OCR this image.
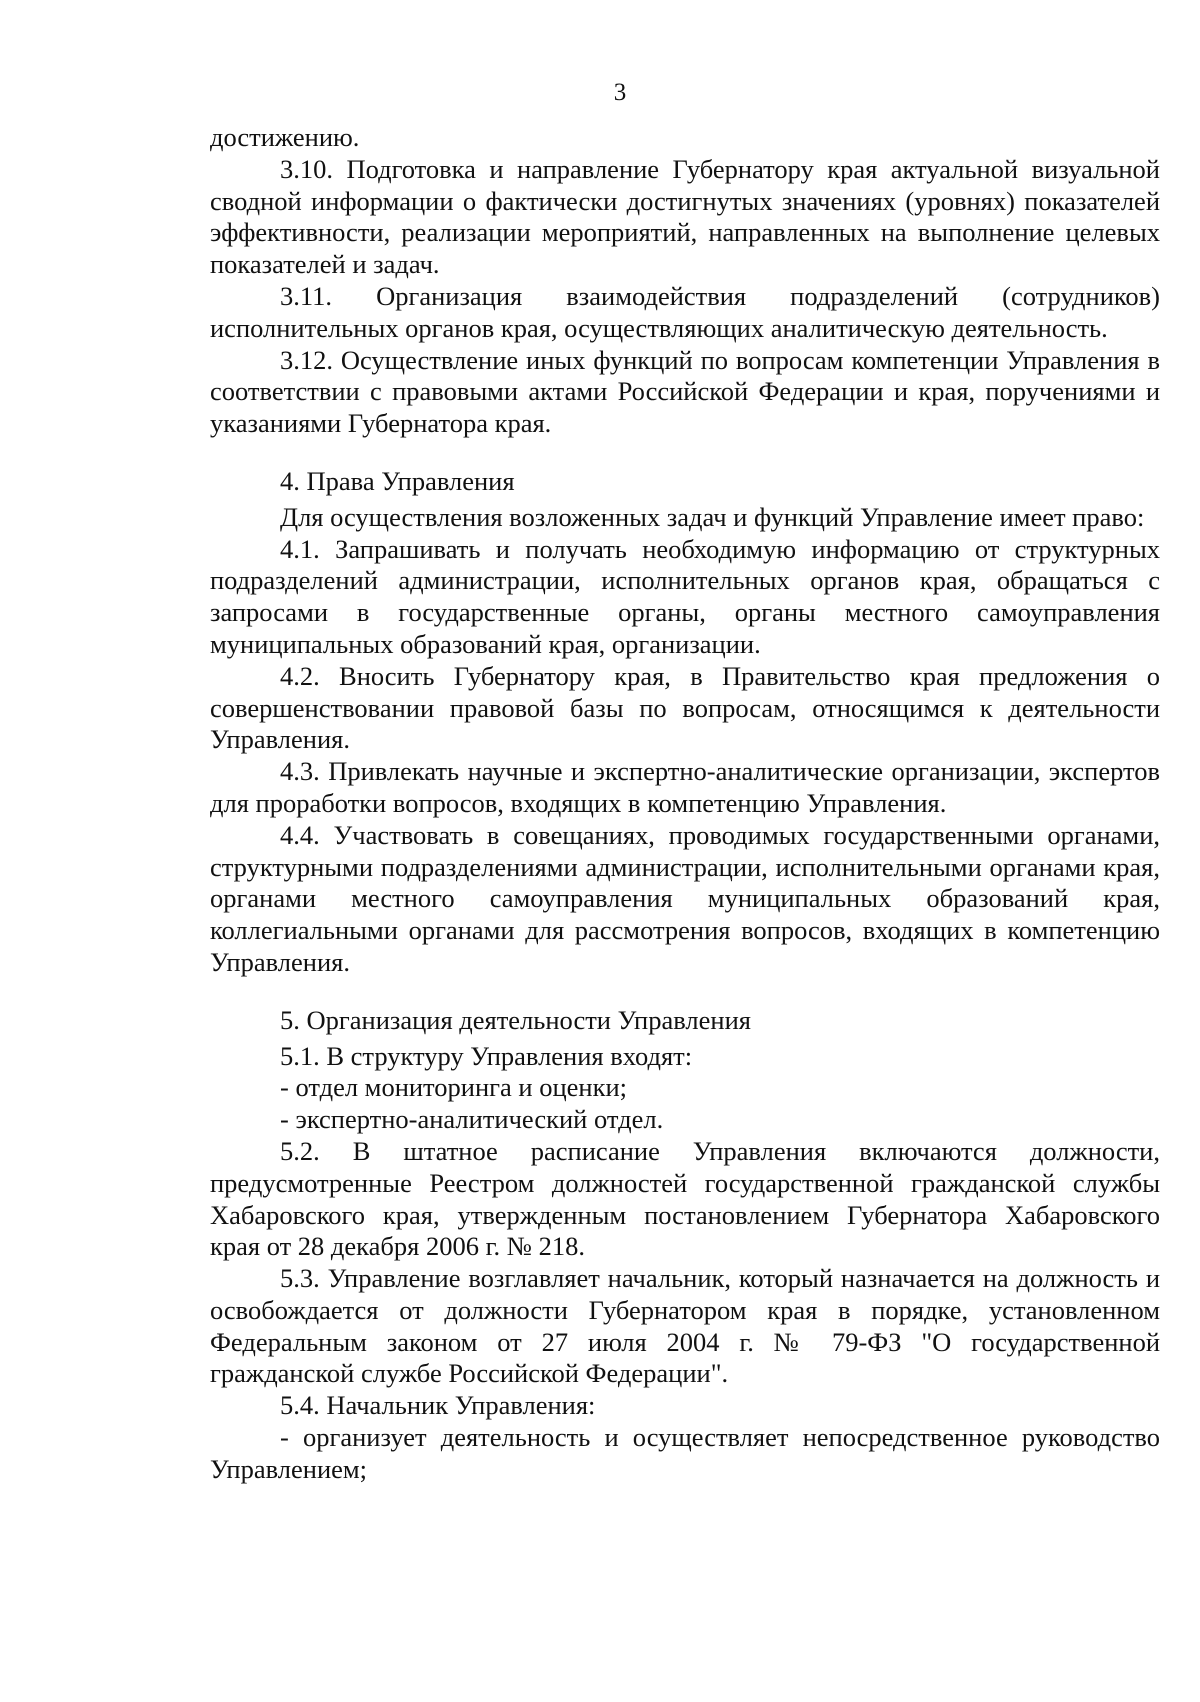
3

достижению.

3.10. Подготовка и направление Губернатору края актуальной визуальной сводной информации о фактически достигнутых значениях (уровнях) показателей эффективности, реализации мероприятий, направленных на выполнение целевых показателей и задач.

3.11. Организация взаимодействия подразделений (сотрудников) исполнительных органов края, осуществляющих аналитическую деятельность.

3.12. Осуществление иных функций по вопросам компетенции Управления в соответствии с правовыми актами Российской Федерации и края, поручениями и указаниями Губернатора края.

4. Права Управления

Для осуществления возложенных задач и функций Управление имеет право:

4.1. Запрашивать и получать необходимую информацию от структурных подразделений администрации, исполнительных органов края, обращаться с запросами в государственные органы, органы местного самоуправления муниципальных образований края, организации.

4.2. Вносить Губернатору края, в Правительство края предложения о совершенствовании правовой базы по вопросам, относящимся к деятельности Управления.

4.3. Привлекать научные и экспертно-аналитические организации, экспертов для проработки вопросов, входящих в компетенцию Управления.

4.4. Участвовать в совещаниях, проводимых государственными органами, структурными подразделениями администрации, исполнительными органами края, органами местного самоуправления муниципальных образований края, коллегиальными органами для рассмотрения вопросов, входящих в компетенцию Управления.

5. Организация деятельности Управления

5.1. В структуру Управления входят:

- отдел мониторинга и оценки;

- экспертно-аналитический отдел.

5.2. В штатное расписание Управления включаются должности, предусмотренные Реестром должностей государственной гражданской службы Хабаровского края, утвержденным постановлением Губернатора Хабаровского края от 28 декабря 2006 г. № 218.

5.3. Управление возглавляет начальник, который назначается на должность и освобождается от должности Губернатором края в порядке, установленном Федеральным законом от 27 июля 2004 г. № 79-ФЗ "О государственной гражданской службе Российской Федерации".

5.4. Начальник Управления:

- организует деятельность и осуществляет непосредственное руководство Управлением;
